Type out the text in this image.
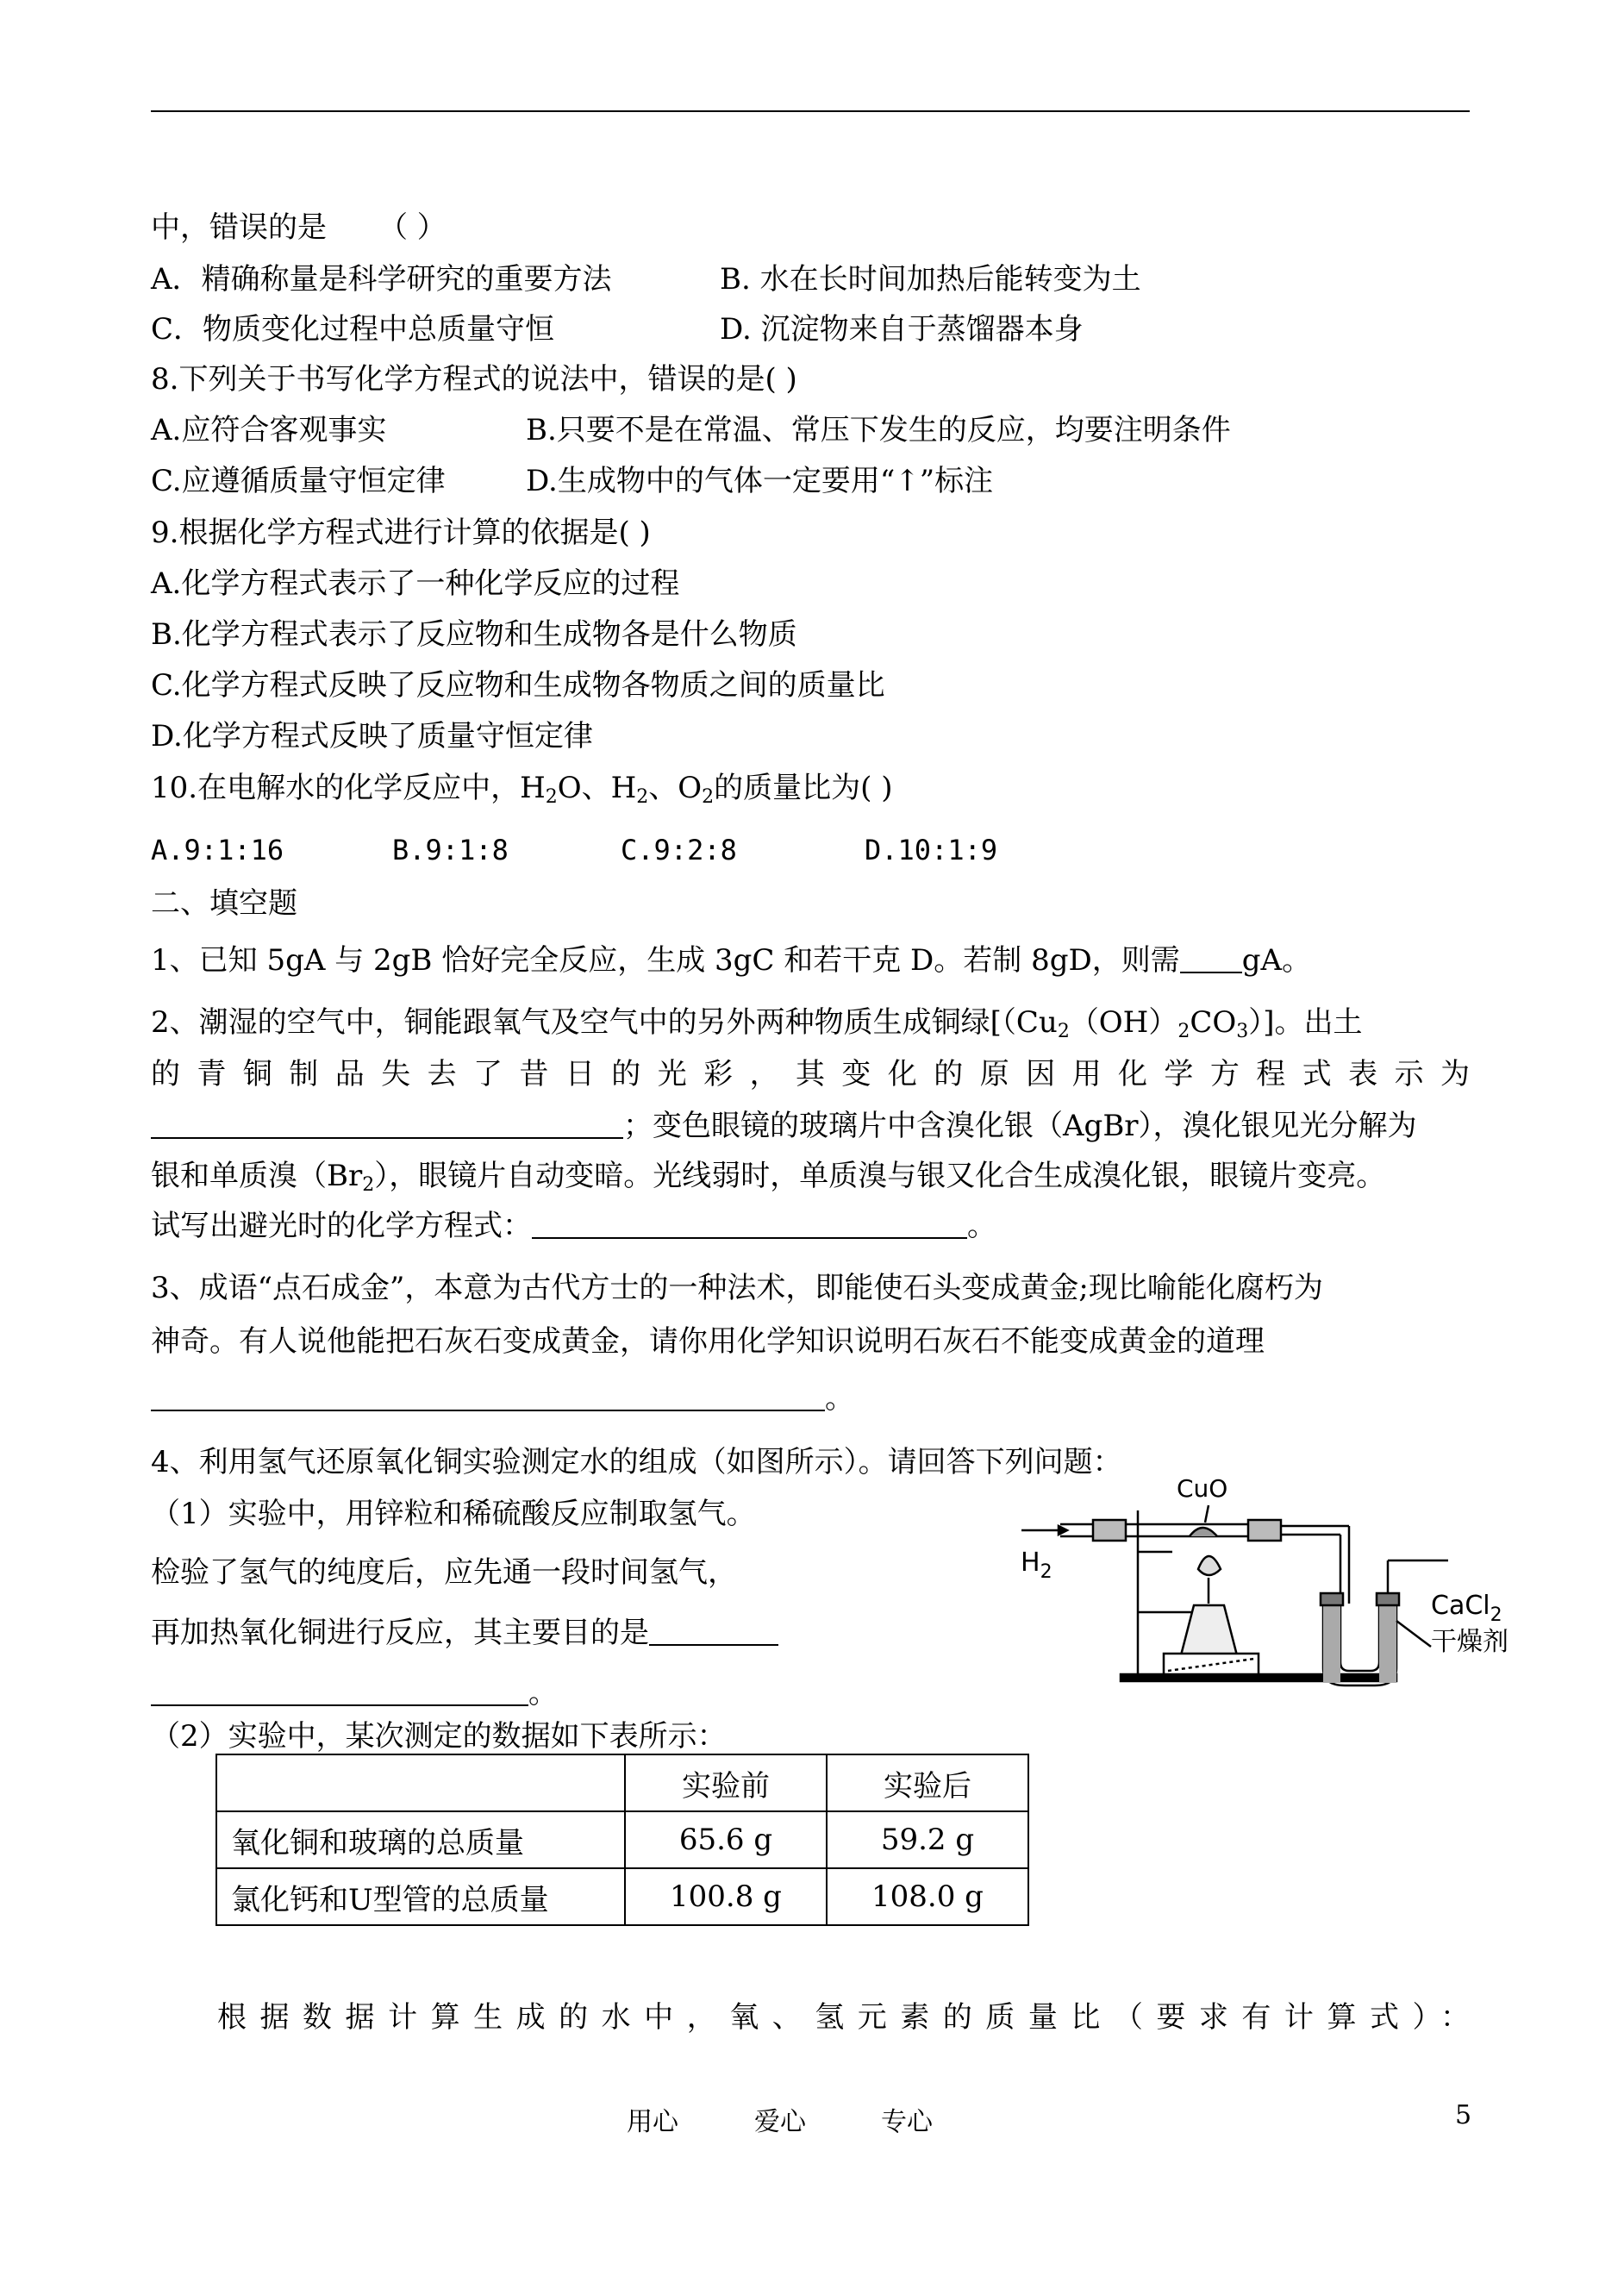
中，错误的是 （ ）
A．精确称量是科学研究的重要方法	B. 水在长时间加热后能转变为土
C．物质变化过程中总质量守恒	D. 沉淀物来自于蒸馏器本身
8.下列关于书写化学方程式的说法中，错误的是( )
A.应符合客观事实	B.只要不是在常温、常压下发生的反应，均要注明条件
C.应遵循质量守恒定律	D.生成物中的气体一定要用“↑”标注
9.根据化学方程式进行计算的依据是( )
A.化学方程式表示了一种化学反应的过程
B.化学方程式表示了反应物和生成物各是什么物质
C.化学方程式反映了反应物和生成物各物质之间的质量比
D.化学方程式反映了质量守恒定律
10.在电解水的化学反应中，$H_2O$、$H_2$、$O_2$的质量比为( )
A.9:1:16	B.9:1:8	C.9:2:8	D.10:1:9
二、填空题
1、已知 5gA 与 2gB 恰好完全反应，生成 3gC 和若干克 D。若制 8gD，则需 gA。
2、潮湿的空气中，铜能跟氧气及空气中的另外两种物质生成铜绿$[(Cu_2(OH)_2CO_3)]$。出土
的青铜制品失去了昔日的光彩，其变化的原因用化学方程式表示为
；变色眼镜的玻璃片中含溴化银（AgBr），溴化银见光分解为
银和单质溴$(Br_2)$，眼镜片自动变暗。光线弱时，单质溴与银又化合生成溴化银，眼镜片变亮。
试写出避光时的化学方程式：	。
3、成语“点石成金”，本意为古代方士的一种法术，即能使石头变成黄金;现比喻能化腐朽为
神奇。有人说他能把石灰石变成黄金，请你用化学知识说明石灰石不能变成黄金的道理
。
4、利用氢气还原氧化铜实验测定水的组成（如图所示）。请回答下列问题：
（1）实验中，用锌粒和稀硫酸反应制取氢气。
检验了氢气的纯度后，应先通一段时间氢气，
再加热氧化铜进行反应，其主要目的是
。
CuO
$H_2$
CaCl$_2$
干燥剂
（2）实验中，某次测定的数据如下表所示：
	实验前	实验后
氧化铜和玻璃的总质量	65.6 g	59.2 g
氯化钙和U型管的总质量	100.8 g	108.0 g
根据数据计算生成的水中，氧、氢元素的质量比（要求有计算式）：
用心	爱心	专心	5
